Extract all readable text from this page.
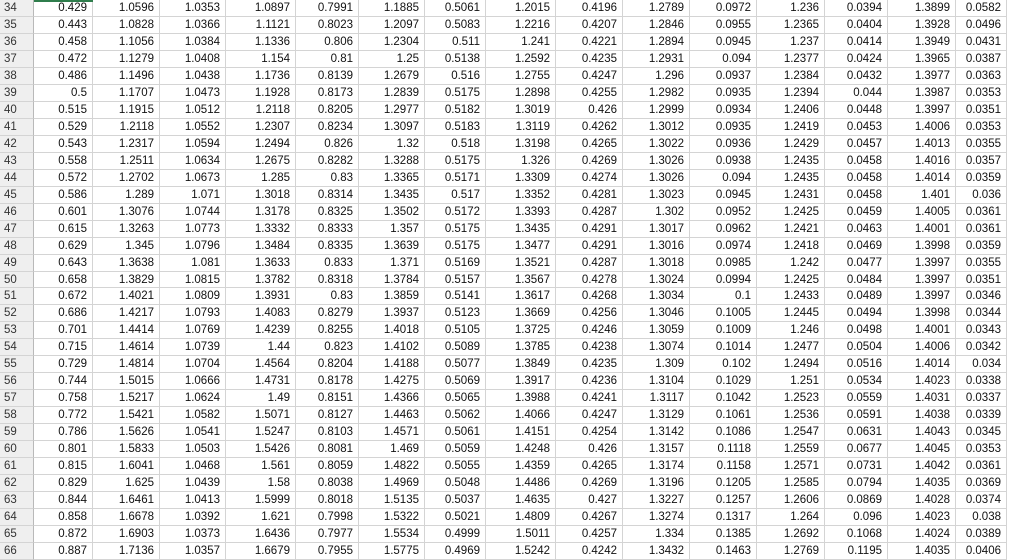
34	0.429	1.0596	1.0353	1.0897	0.7991	1.1885	0.5061	1.2015	0.4196	1.2789	0.0972	1.236	0.0394	1.3899	0.0582
35	0.443	1.0828	1.0366	1.1121	0.8023	1.2097	0.5083	1.2216	0.4207	1.2846	0.0955	1.2365	0.0404	1.3928	0.0496
36	0.458	1.1056	1.0384	1.1336	0.806	1.2304	0.511	1.241	0.4221	1.2894	0.0945	1.237	0.0414	1.3949	0.0431
37	0.472	1.1279	1.0408	1.154	0.81	1.25	0.5138	1.2592	0.4235	1.2931	0.094	1.2377	0.0424	1.3965	0.0387
38	0.486	1.1496	1.0438	1.1736	0.8139	1.2679	0.516	1.2755	0.4247	1.296	0.0937	1.2384	0.0432	1.3977	0.0363
39	0.5	1.1707	1.0473	1.1928	0.8173	1.2839	0.5175	1.2898	0.4255	1.2982	0.0935	1.2394	0.044	1.3987	0.0353
40	0.515	1.1915	1.0512	1.2118	0.8205	1.2977	0.5182	1.3019	0.426	1.2999	0.0934	1.2406	0.0448	1.3997	0.0351
41	0.529	1.2118	1.0552	1.2307	0.8234	1.3097	0.5183	1.3119	0.4262	1.3012	0.0935	1.2419	0.0453	1.4006	0.0353
42	0.543	1.2317	1.0594	1.2494	0.826	1.32	0.518	1.3198	0.4265	1.3022	0.0936	1.2429	0.0457	1.4013	0.0355
43	0.558	1.2511	1.0634	1.2675	0.8282	1.3288	0.5175	1.326	0.4269	1.3026	0.0938	1.2435	0.0458	1.4016	0.0357
44	0.572	1.2702	1.0673	1.285	0.83	1.3365	0.5171	1.3309	0.4274	1.3026	0.094	1.2435	0.0458	1.4014	0.0359
45	0.586	1.289	1.071	1.3018	0.8314	1.3435	0.517	1.3352	0.4281	1.3023	0.0945	1.2431	0.0458	1.401	0.036
46	0.601	1.3076	1.0744	1.3178	0.8325	1.3502	0.5172	1.3393	0.4287	1.302	0.0952	1.2425	0.0459	1.4005	0.0361
47	0.615	1.3263	1.0773	1.3332	0.8333	1.357	0.5175	1.3435	0.4291	1.3017	0.0962	1.2421	0.0463	1.4001	0.0361
48	0.629	1.345	1.0796	1.3484	0.8335	1.3639	0.5175	1.3477	0.4291	1.3016	0.0974	1.2418	0.0469	1.3998	0.0359
49	0.643	1.3638	1.081	1.3633	0.833	1.371	0.5169	1.3521	0.4287	1.3018	0.0985	1.242	0.0477	1.3997	0.0355
50	0.658	1.3829	1.0815	1.3782	0.8318	1.3784	0.5157	1.3567	0.4278	1.3024	0.0994	1.2425	0.0484	1.3997	0.0351
51	0.672	1.4021	1.0809	1.3931	0.83	1.3859	0.5141	1.3617	0.4268	1.3034	0.1	1.2433	0.0489	1.3997	0.0346
52	0.686	1.4217	1.0793	1.4083	0.8279	1.3937	0.5123	1.3669	0.4256	1.3046	0.1005	1.2445	0.0494	1.3998	0.0344
53	0.701	1.4414	1.0769	1.4239	0.8255	1.4018	0.5105	1.3725	0.4246	1.3059	0.1009	1.246	0.0498	1.4001	0.0343
54	0.715	1.4614	1.0739	1.44	0.823	1.4102	0.5089	1.3785	0.4238	1.3074	0.1014	1.2477	0.0504	1.4006	0.0342
55	0.729	1.4814	1.0704	1.4564	0.8204	1.4188	0.5077	1.3849	0.4235	1.309	0.102	1.2494	0.0516	1.4014	0.034
56	0.744	1.5015	1.0666	1.4731	0.8178	1.4275	0.5069	1.3917	0.4236	1.3104	0.1029	1.251	0.0534	1.4023	0.0338
57	0.758	1.5217	1.0624	1.49	0.8151	1.4366	0.5065	1.3988	0.4241	1.3117	0.1042	1.2523	0.0559	1.4031	0.0337
58	0.772	1.5421	1.0582	1.5071	0.8127	1.4463	0.5062	1.4066	0.4247	1.3129	0.1061	1.2536	0.0591	1.4038	0.0339
59	0.786	1.5626	1.0541	1.5247	0.8103	1.4571	0.5061	1.4151	0.4254	1.3142	0.1086	1.2547	0.0631	1.4043	0.0345
60	0.801	1.5833	1.0503	1.5426	0.8081	1.469	0.5059	1.4248	0.426	1.3157	0.1118	1.2559	0.0677	1.4045	0.0353
61	0.815	1.6041	1.0468	1.561	0.8059	1.4822	0.5055	1.4359	0.4265	1.3174	0.1158	1.2571	0.0731	1.4042	0.0361
62	0.829	1.625	1.0439	1.58	0.8038	1.4969	0.5048	1.4486	0.4269	1.3196	0.1205	1.2585	0.0794	1.4035	0.0369
63	0.844	1.6461	1.0413	1.5999	0.8018	1.5135	0.5037	1.4635	0.427	1.3227	0.1257	1.2606	0.0869	1.4028	0.0374
64	0.858	1.6678	1.0392	1.621	0.7998	1.5322	0.5021	1.4809	0.4267	1.3274	0.1317	1.264	0.096	1.4023	0.038
65	0.872	1.6903	1.0373	1.6436	0.7977	1.5534	0.4999	1.5011	0.4257	1.334	0.1385	1.2692	0.1068	1.4024	0.0389
66	0.887	1.7136	1.0357	1.6679	0.7955	1.5775	0.4969	1.5242	0.4242	1.3432	0.1463	1.2769	0.1195	1.4035	0.0406
